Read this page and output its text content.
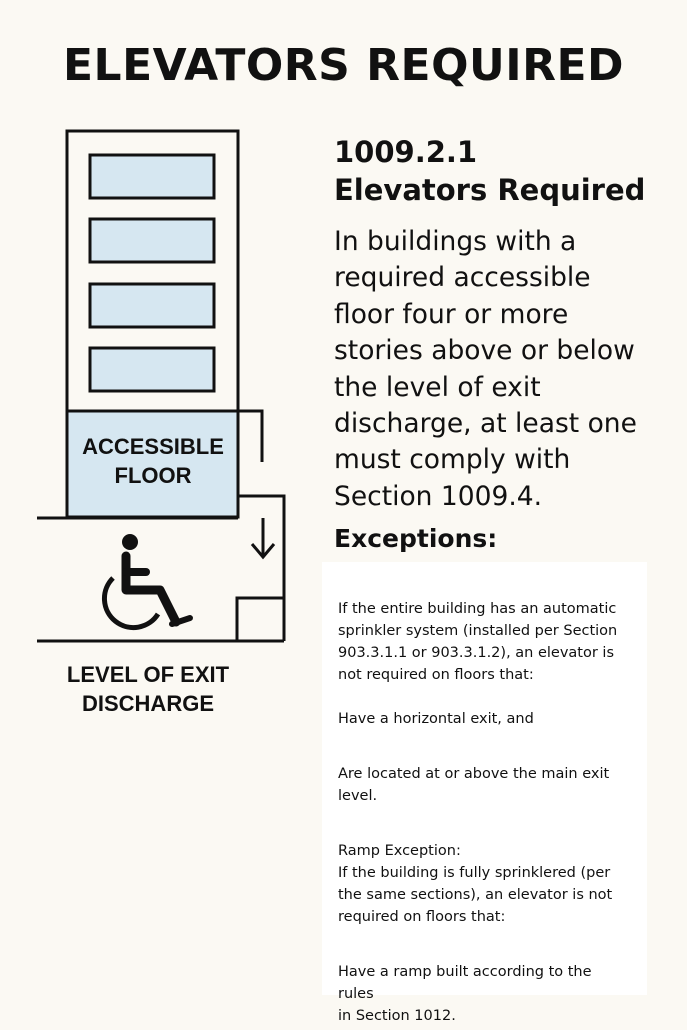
ELEVATORS REQUIRED
ACCESSIBLE
FLOOR
LEVEL OF EXIT
DISCHARGE
1009.2.1
Elevators Required
In buildings with a
required accessible
floor four or more
stories above or below
the level of exit
discharge, at least one
must comply with
Section 1009.4.
Exceptions:

If the entire building has an automatic

sprinkler system (installed per Section

903.3.1.1 or 903.3.1.2), an elevator is

not required on floors that:

Have a horizontal exit, and

Are located at or above the main exit

level.

Ramp Exception:

If the building is fully sprinklered (per

the same sections), an elevator is not

required on floors that:

Have a ramp built according to the rules

in Section 1012.
